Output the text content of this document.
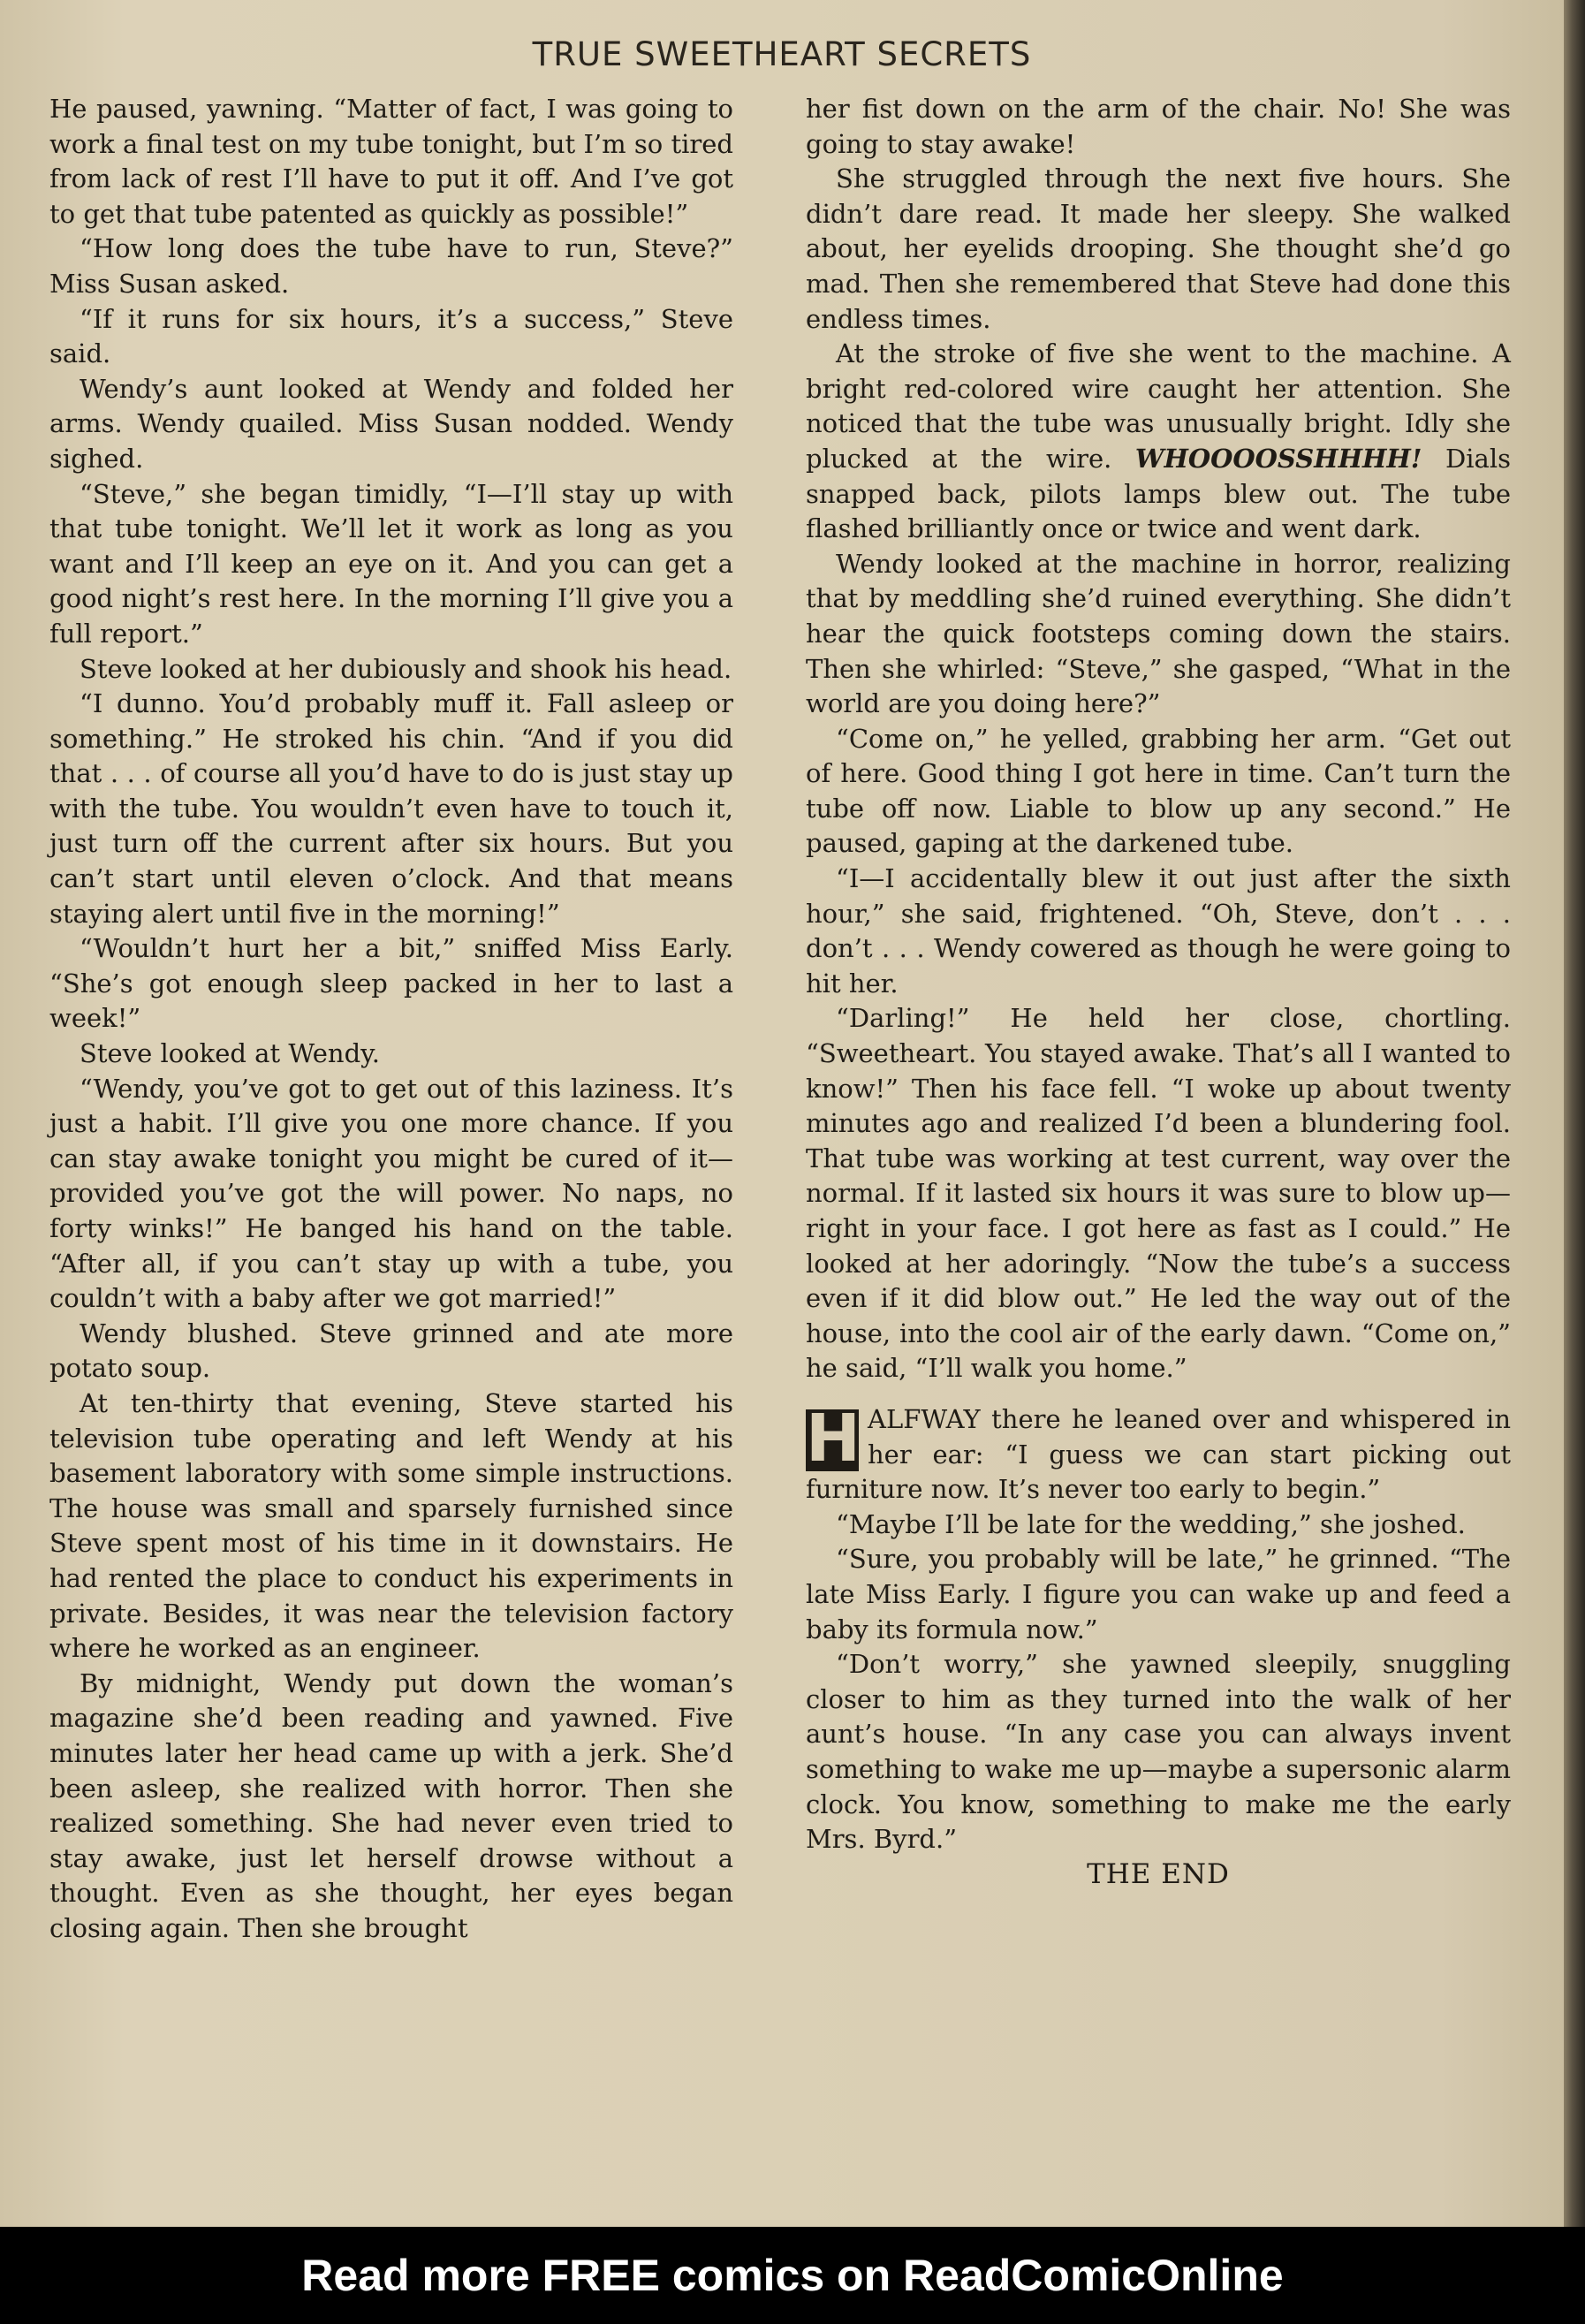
TRUE SWEETHEART SECRETS

He paused, yawning. “Matter of fact, I was going to work a final test on my tube tonight, but I’m so tired from lack of rest I’ll have to put it off. And I’ve got to get that tube patented as quickly as possible!”

“How long does the tube have to run, Steve?” Miss Susan asked.

“If it runs for six hours, it’s a success,” Steve said.

Wendy’s aunt looked at Wendy and folded her arms. Wendy quailed. Miss Susan nodded. Wendy sighed.

“Steve,” she began timidly, “I—I’ll stay up with that tube tonight. We’ll let it work as long as you want and I’ll keep an eye on it. And you can get a good night’s rest here. In the morning I’ll give you a full report.”

Steve looked at her dubiously and shook his head.

“I dunno. You’d probably muff it. Fall asleep or something.” He stroked his chin. “And if you did that . . . of course all you’d have to do is just stay up with the tube. You wouldn’t even have to touch it, just turn off the current after six hours. But you can’t start until eleven o’clock. And that means staying alert until five in the morning!”

“Wouldn’t hurt her a bit,” sniffed Miss Early. “She’s got enough sleep packed in her to last a week!”

Steve looked at Wendy.

“Wendy, you’ve got to get out of this laziness. It’s just a habit. I’ll give you one more chance. If you can stay awake tonight you might be cured of it—provided you’ve got the will power. No naps, no forty winks!” He banged his hand on the table. “After all, if you can’t stay up with a tube, you couldn’t with a baby after we got married!”

Wendy blushed. Steve grinned and ate more potato soup.

At ten-thirty that evening, Steve started his television tube operating and left Wendy at his basement laboratory with some simple instructions. The house was small and sparsely furnished since Steve spent most of his time in it downstairs. He had rented the place to conduct his experiments in private. Besides, it was near the television factory where he worked as an engineer.

By midnight, Wendy put down the woman’s magazine she’d been reading and yawned. Five minutes later her head came up with a jerk. She’d been asleep, she realized with horror. Then she realized something. She had never even tried to stay awake, just let herself drowse without a thought. Even as she thought, her eyes began closing again. Then she brought

her fist down on the arm of the chair. No! She was going to stay awake!

She struggled through the next five hours. She didn’t dare read. It made her sleepy. She walked about, her eyelids drooping. She thought she’d go mad. Then she remembered that Steve had done this endless times.

At the stroke of five she went to the machine. A bright red-colored wire caught her attention. She noticed that the tube was unusually bright. Idly she plucked at the wire. WHOOOOSSHHHH! Dials snapped back, pilots lamps blew out. The tube flashed brilliantly once or twice and went dark.

Wendy looked at the machine in horror, realizing that by meddling she’d ruined everything. She didn’t hear the quick footsteps coming down the stairs. Then she whirled: “Steve,” she gasped, “What in the world are you doing here?”

“Come on,” he yelled, grabbing her arm. “Get out of here. Good thing I got here in time. Can’t turn the tube off now. Liable to blow up any second.” He paused, gaping at the darkened tube.

“I—I accidentally blew it out just after the sixth hour,” she said, frightened. “Oh, Steve, don’t . . . don’t . . . Wendy cowered as though he were going to hit her.

“Darling!” He held her close, chortling. “Sweetheart. You stayed awake. That’s all I wanted to know!” Then his face fell. “I woke up about twenty minutes ago and realized I’d been a blundering fool. That tube was working at test current, way over the normal. If it lasted six hours it was sure to blow up—right in your face. I got here as fast as I could.” He looked at her adoringly. “Now the tube’s a success even if it did blow out.” He led the way out of the house, into the cool air of the early dawn. “Come on,” he said, “I’ll walk you home.”

H ALFWAY there he leaned over and whispered in her ear: “I guess we can start picking out furniture now. It’s never too early to begin.”

“Maybe I’ll be late for the wedding,” she joshed.

“Sure, you probably will be late,” he grinned. “The late Miss Early. I figure you can wake up and feed a baby its formula now.”

“Don’t worry,” she yawned sleepily, snuggling closer to him as they turned into the walk of her aunt’s house. “In any case you can always invent something to wake me up—maybe a supersonic alarm clock. You know, something to make me the early Mrs. Byrd.”

THE END

Read more FREE comics on ReadComicOnline
